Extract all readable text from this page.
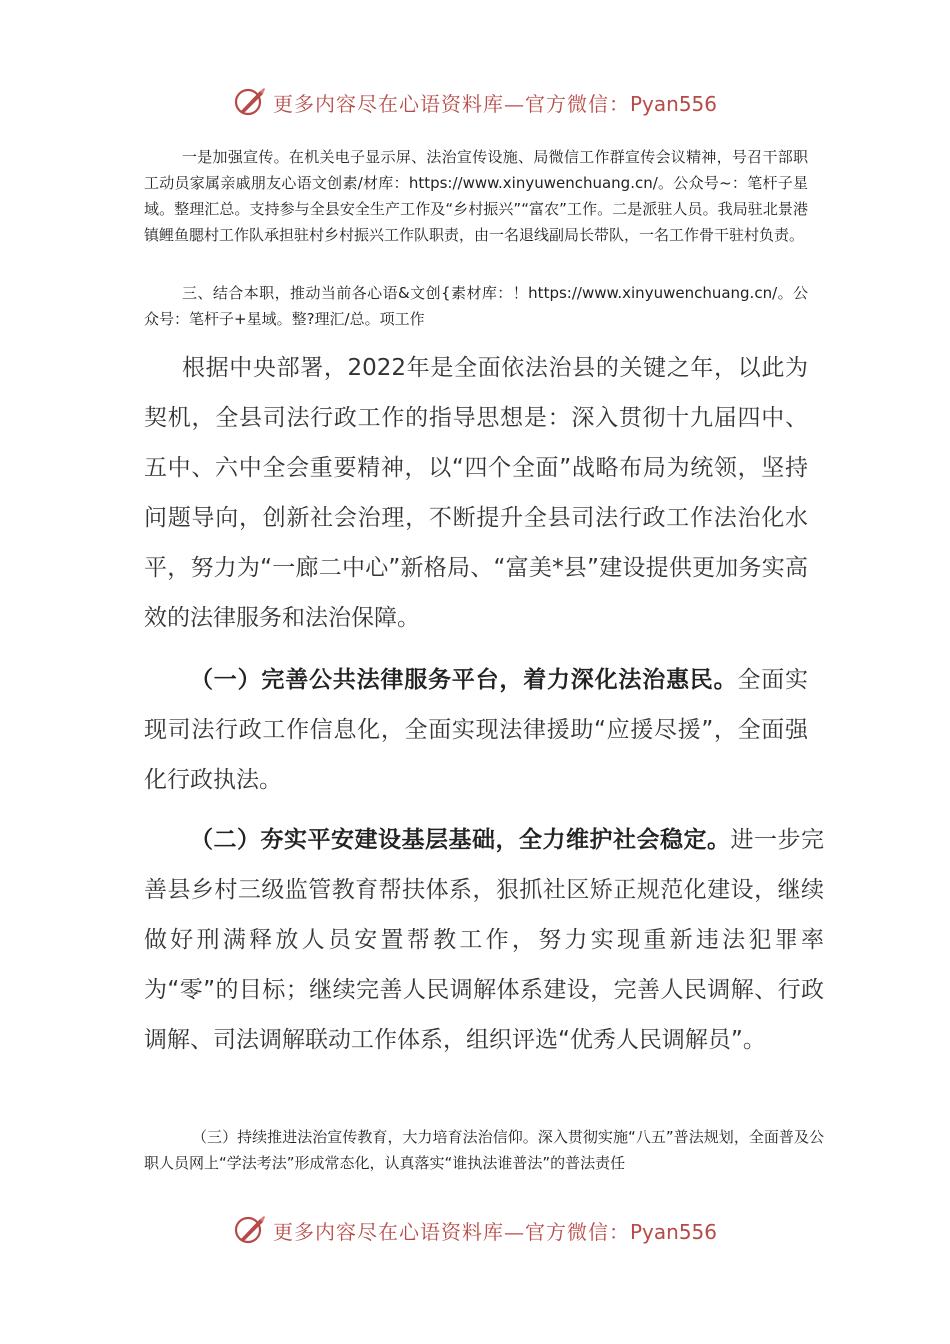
更多内容尽在心语资料库—官方微信：Pyan556

一是加强宣传。在机关电子显示屏、法治宣传设施、局微信工作群宣传会议精神，号召干部职工动员家属亲戚朋友心语文创素/材库：https://www.xinyuwenchuang.cn/。公众号~：笔杆子星域。整理汇总。支持参与全县安全生产工作及“乡村振兴”“富农”工作。二是派驻人员。我局驻北景港镇鲤鱼腮村工作队承担驻村乡村振兴工作队职责，由一名退线副局长带队，一名工作骨干驻村负责。

三、结合本职，推动当前各心语&文创{素材库：！https://www.xinyuwenchuang.cn/。公众号：笔杆子+星域。整?理汇/总。项工作

根据中央部署，2022年是全面依法治县的关键之年，以此为契机，全县司法行政工作的指导思想是：深入贯彻十九届四中、五中、六中全会重要精神，以“四个全面”战略布局为统领，坚持问题导向，创新社会治理，不断提升全县司法行政工作法治化水平，努力为“一廊二中心”新格局、“富美*县”建设提供更加务实高效的法律服务和法治保障。

（一）完善公共法律服务平台，着力深化法治惠民。全面实现司法行政工作信息化，全面实现法律援助“应援尽援”，全面强化行政执法。

（二）夯实平安建设基层基础，全力维护社会稳定。进一步完善县乡村三级监管教育帮扶体系，狠抓社区矫正规范化建设，继续做好刑满释放人员安置帮教工作，努力实现重新违法犯罪率为“零”的目标；继续完善人民调解体系建设，完善人民调解、行政调解、司法调解联动工作体系，组织评选“优秀人民调解员”。

（三）持续推进法治宣传教育，大力培育法治信仰。深入贯彻实施“八五”普法规划，全面普及公职人员网上“学法考法”形成常态化，认真落实“谁执法谁普法”的普法责任

更多内容尽在心语资料库—官方微信：Pyan556
